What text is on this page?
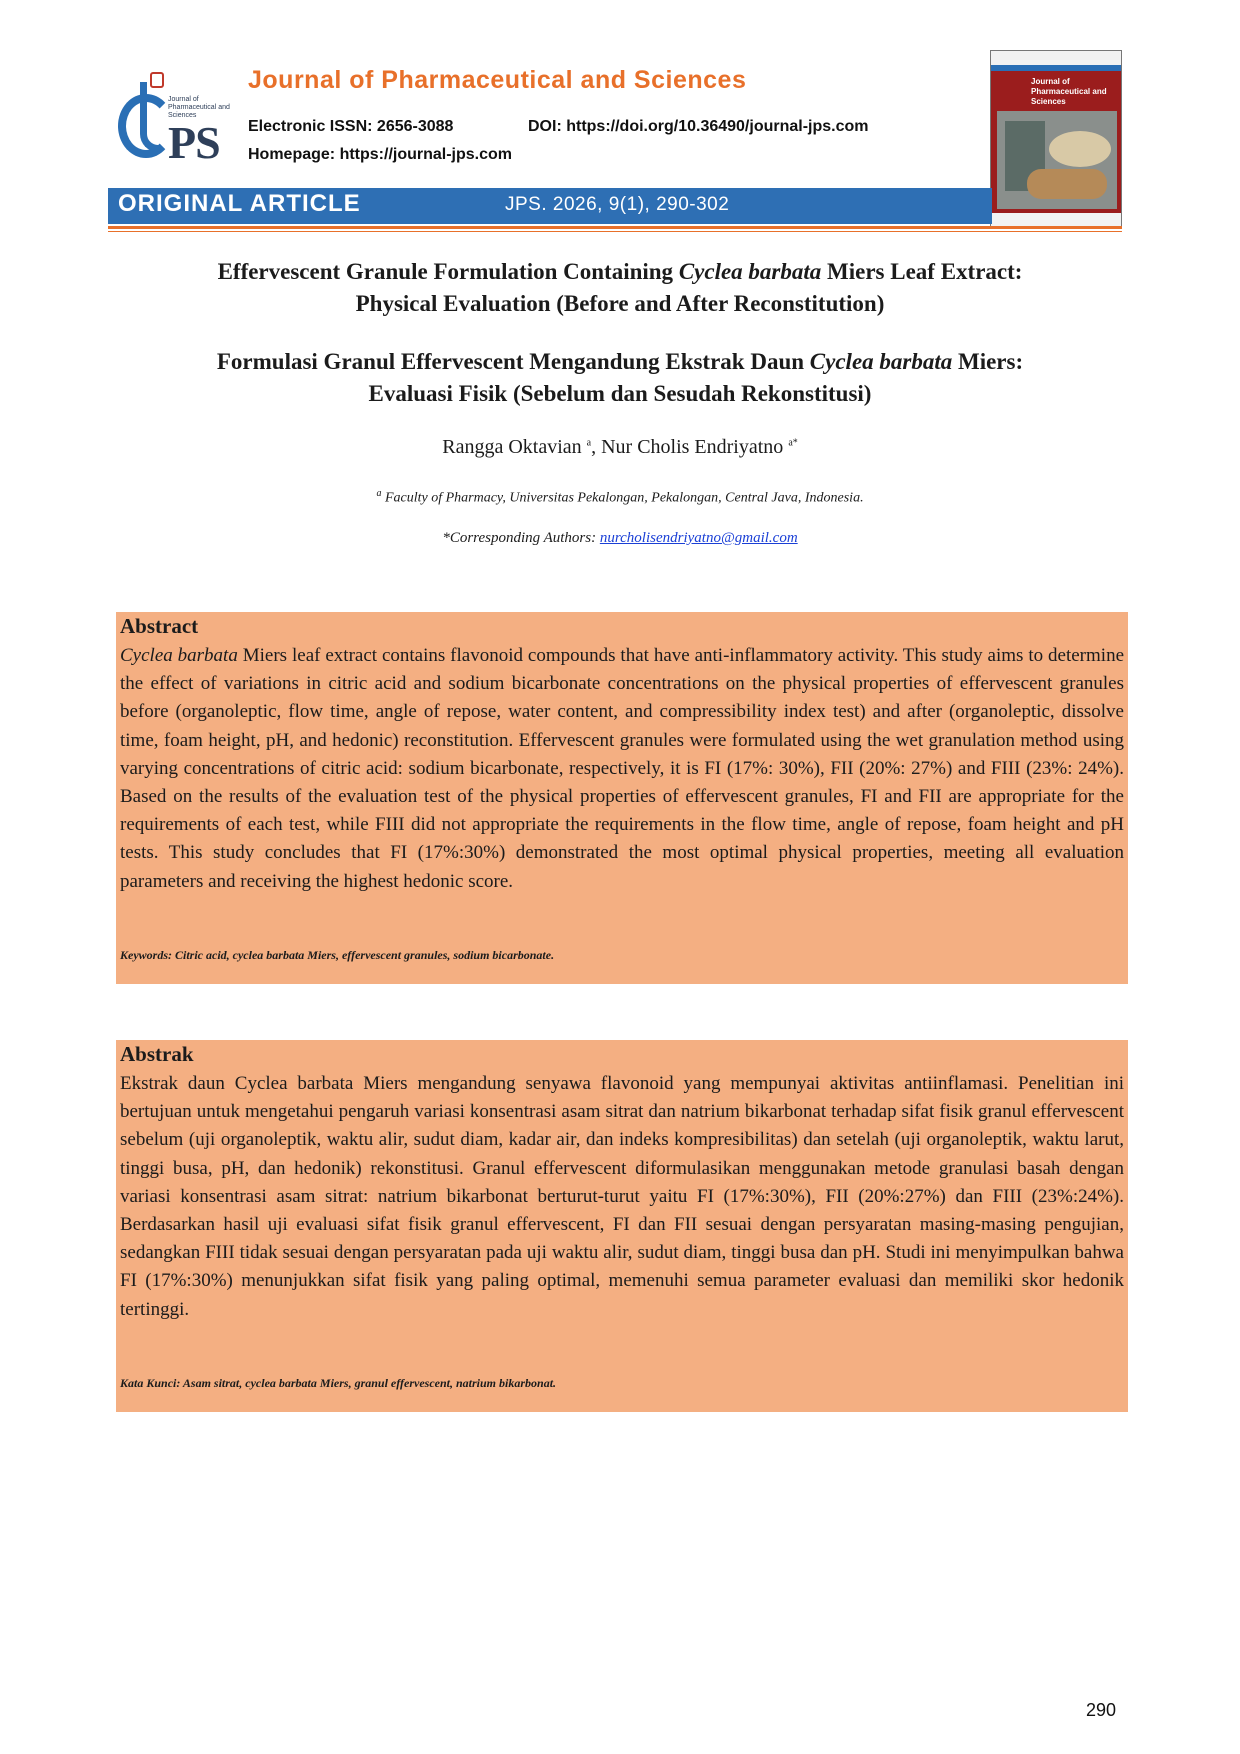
Journal of Pharmaceutical and Sciences
PS
Journal of Pharmaceutical and Sciences
Electronic ISSN: 2656-3088	DOI: https://doi.org/10.36490/journal-jps.com
Homepage: https://journal-jps.com
Journal of Pharmaceutical and Sciences
ORIGINAL ARTICLE	JPS. 2026, 9(1), 290-302
Effervescent Granule Formulation Containing Cyclea barbata Miers Leaf Extract:
Physical Evaluation (Before and After Reconstitution)
Formulasi Granul Effervescent Mengandung Ekstrak Daun Cyclea barbata Miers:
Evaluasi Fisik (Sebelum dan Sesudah Rekonstitusi)
Rangga Oktavian $^a$, Nur Cholis Endriyatno $^{a*}$
$^a$ Faculty of Pharmacy, Universitas Pekalongan, Pekalongan, Central Java, Indonesia.
*Corresponding Authors: nurcholisendriyatno@gmail.com
Abstract
Cyclea barbata Miers leaf extract contains flavonoid compounds that have anti-inflammatory activity. This study aims to determine the effect of variations in citric acid and sodium bicarbonate concentrations on the physical properties of effervescent granules before (organoleptic, flow time, angle of repose, water content, and compressibility index test) and after (organoleptic, dissolve time, foam height, pH, and hedonic) reconstitution. Effervescent granules were formulated using the wet granulation method using varying concentrations of citric acid: sodium bicarbonate, respectively, it is FI (17%: 30%), FII (20%: 27%) and FIII (23%: 24%). Based on the results of the evaluation test of the physical properties of effervescent granules, FI and FII are appropriate for the requirements of each test, while FIII did not appropriate the requirements in the flow time, angle of repose, foam height and pH tests. This study concludes that FI (17%:30%) demonstrated the most optimal physical properties, meeting all evaluation parameters and receiving the highest hedonic score.
Keywords: Citric acid, cyclea barbata Miers, effervescent granules, sodium bicarbonate.
Abstrak
Ekstrak daun Cyclea barbata Miers mengandung senyawa flavonoid yang mempunyai aktivitas antiinflamasi. Penelitian ini bertujuan untuk mengetahui pengaruh variasi konsentrasi asam sitrat dan natrium bikarbonat terhadap sifat fisik granul effervescent sebelum (uji organoleptik, waktu alir, sudut diam, kadar air, dan indeks kompresibilitas) dan setelah (uji organoleptik, waktu larut, tinggi busa, pH, dan hedonik) rekonstitusi. Granul effervescent diformulasikan menggunakan metode granulasi basah dengan variasi konsentrasi asam sitrat: natrium bikarbonat berturut-turut yaitu FI (17%:30%), FII (20%:27%) dan FIII (23%:24%). Berdasarkan hasil uji evaluasi sifat fisik granul effervescent, FI dan FII sesuai dengan persyaratan masing-masing pengujian, sedangkan FIII tidak sesuai dengan persyaratan pada uji waktu alir, sudut diam, tinggi busa dan pH. Studi ini menyimpulkan bahwa FI (17%:30%) menunjukkan sifat fisik yang paling optimal, memenuhi semua parameter evaluasi dan memiliki skor hedonik tertinggi.
Kata Kunci: Asam sitrat, cyclea barbata Miers, granul effervescent, natrium bikarbonat.
290
